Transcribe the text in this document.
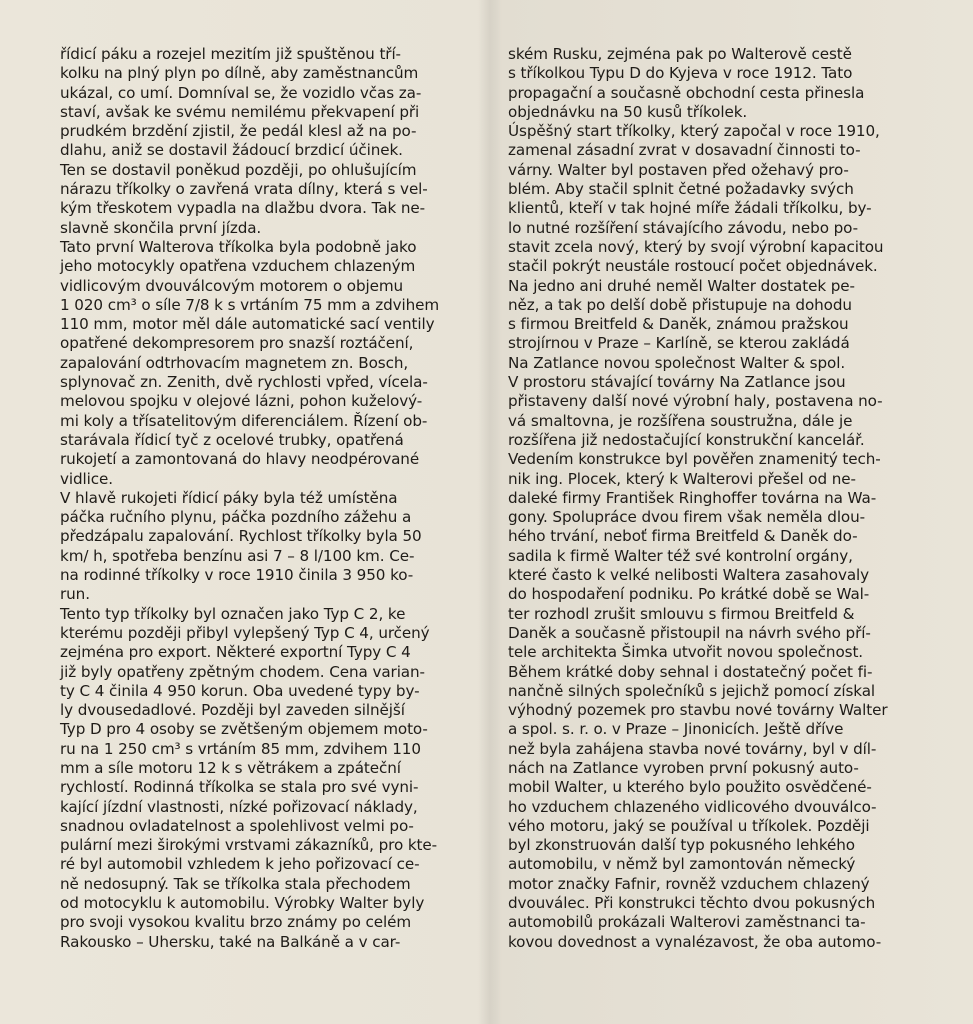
řídicí páku a rozejel mezitím již spuštěnou tří-
kolku na plný plyn po dílně, aby zaměstnancům
ukázal, co umí. Domníval se, že vozidlo včas za-
staví, avšak ke svému nemilému překvapení při
prudkém brzdění zjistil, že pedál klesl až na po-
dlahu, aniž se dostavil žádoucí brzdicí účinek.
Ten se dostavil poněkud později, po ohlušujícím
nárazu tříkolky o zavřená vrata dílny, která s vel-
kým třeskotem vypadla na dlažbu dvora. Tak ne-
slavně skončila první jízda.
Tato první Walterova tříkolka byla podobně jako
jeho motocykly opatřena vzduchem chlazeným
vidlicovým dvouválcovým motorem o objemu
1 020 cm³ o síle 7/8 k s vrtáním 75 mm a zdvihem
110 mm, motor měl dále automatické sací ventily
opatřené dekompresorem pro snazší roztáčení,
zapalování odtrhovacím magnetem zn. Bosch,
splynovač zn. Zenith, dvě rychlosti vpřed, vícela-
melovou spojku v olejové lázni, pohon kuželový-
mi koly a třísatelitovým diferenciálem. Řízení ob-
starávala řídicí tyč z ocelové trubky, opatřená
rukojetí a zamontovaná do hlavy neodpérované
vidlice.
V hlavě rukojeti řídicí páky byla též umístěna
páčka ručního plynu, páčka pozdního zážehu a
předzápalu zapalování. Rychlost tříkolky byla 50
km/ h, spotřeba benzínu asi 7 – 8 l/100 km. Ce-
na rodinné tříkolky v roce 1910 činila 3 950 ko-
run.
Tento typ tříkolky byl označen jako Typ C 2, ke
kterému později přibyl vylepšený Typ C 4, určený
zejména pro export. Některé exportní Typy C 4
již byly opatřeny zpětným chodem. Cena varian-
ty C 4 činila 4 950 korun. Oba uvedené typy by-
ly dvousedadlové. Později byl zaveden silnější
Typ D pro 4 osoby se zvětšeným objemem moto-
ru na 1 250 cm³ s vrtáním 85 mm, zdvihem 110
mm a síle motoru 12 k s větrákem a zpáteční
rychlostí. Rodinná tříkolka se stala pro své vyni-
kající jízdní vlastnosti, nízké pořizovací náklady,
snadnou ovladatelnost a spolehlivost velmi po-
pulární mezi širokými vrstvami zákazníků, pro kte-
ré byl automobil vzhledem k jeho pořizovací ce-
ně nedosupný. Tak se tříkolka stala přechodem
od motocyklu k automobilu. Výrobky Walter byly
pro svoji vysokou kvalitu brzo známy po celém
Rakousko – Uhersku, také na Balkáně a v car-
ském Rusku, zejména pak po Walterově cestě
s tříkolkou Typu D do Kyjeva v roce 1912. Tato
propagační a současně obchodní cesta přinesla
objednávku na 50 kusů tříkolek.
Úspěšný start tříkolky, který započal v roce 1910,
zamenal zásadní zvrat v dosavadní činnosti to-
várny. Walter byl postaven před ožehavý pro-
blém. Aby stačil splnit četné požadavky svých
klientů, kteří v tak hojné míře žádali tříkolku, by-
lo nutné rozšíření stávajícího závodu, nebo po-
stavit zcela nový, který by svojí výrobní kapacitou
stačil pokrýt neustále rostoucí počet objednávek.
Na jedno ani druhé neměl Walter dostatek pe-
něz, a tak po delší době přistupuje na dohodu
s firmou Breitfeld & Daněk, známou pražskou
strojírnou v Praze – Karlíně, se kterou zakládá
Na Zatlance novou společnost Walter & spol.
V prostoru stávající továrny Na Zatlance jsou
přistaveny další nové výrobní haly, postavena no-
vá smaltovna, je rozšířena soustružna, dále je
rozšířena již nedostačující konstrukční kancelář.
Vedením konstrukce byl pověřen znamenitý tech-
nik ing. Plocek, který k Walterovi přešel od ne-
daleké firmy František Ringhoffer továrna na Wa-
gony. Spolupráce dvou firem však neměla dlou-
hého trvání, neboť firma Breitfeld & Daněk do-
sadila k firmě Walter též své kontrolní orgány,
které často k velké nelibosti Waltera zasahovaly
do hospodaření podniku. Po krátké době se Wal-
ter rozhodl zrušit smlouvu s firmou Breitfeld &
Daněk a současně přistoupil na návrh svého pří-
tele architekta Šimka utvořit novou společnost.
Během krátké doby sehnal i dostatečný počet fi-
nančně silných společníků s jejichž pomocí získal
výhodný pozemek pro stavbu nové továrny Walter
a spol. s. r. o. v Praze – Jinonicích. Ještě dříve
než byla zahájena stavba nové továrny, byl v díl-
nách na Zatlance vyroben první pokusný auto-
mobil Walter, u kterého bylo použito osvědčené-
ho vzduchem chlazeného vidlicového dvouválco-
vého motoru, jaký se používal u tříkolek. Později
byl zkonstruován další typ pokusného lehkého
automobilu, v němž byl zamontován německý
motor značky Fafnir, rovněž vzduchem chlazený
dvouválec. Při konstrukci těchto dvou pokusných
automobilů prokázali Walterovi zaměstnanci ta-
kovou dovednost a vynalézavost, že oba automo-
